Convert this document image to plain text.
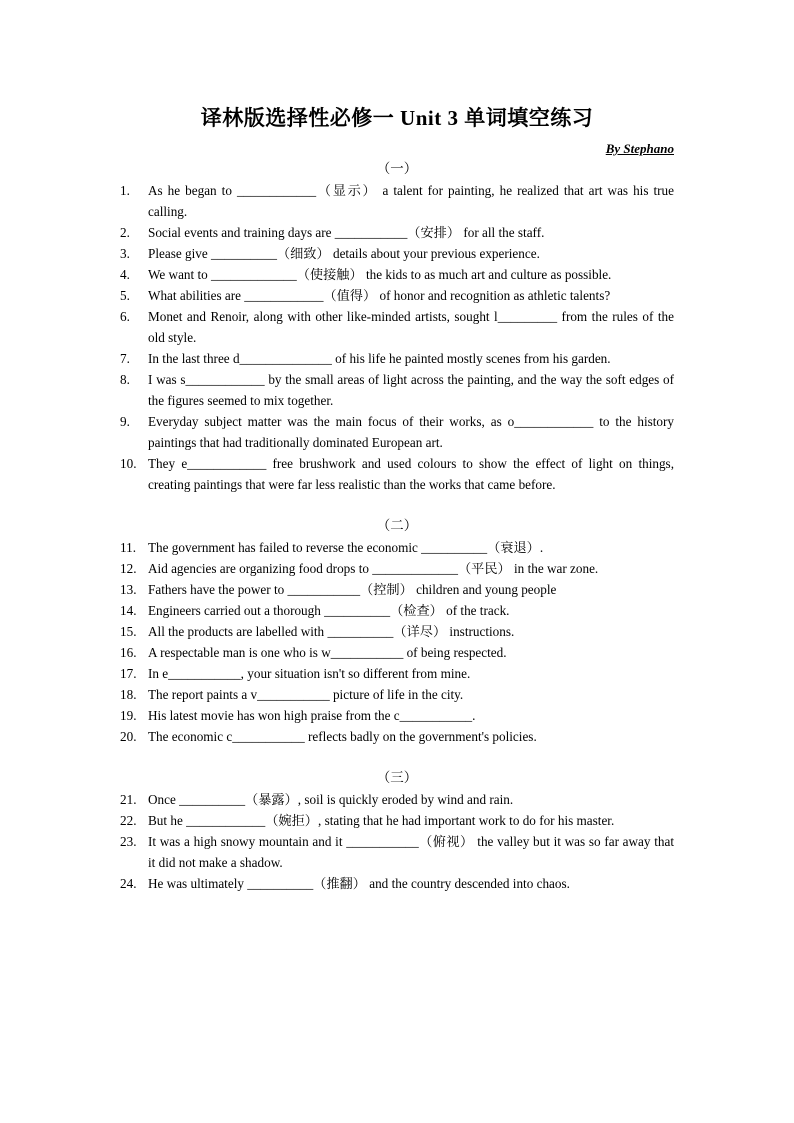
译林版选择性必修一 Unit 3 单词填空练习
By Stephano
（一）
1.	As he began to ____________（显示） a talent for painting, he realized that art was his true calling.
2.	Social events and training days are ___________（安排） for all the staff.
3.	Please give __________（细致） details about your previous experience.
4.	We want to _____________（使接触） the kids to as much art and culture as possible.
5.	What abilities are ____________（值得） of honor and recognition as athletic talents?
6.	Monet and Renoir, along with other like-minded artists, sought l_________ from the rules of the old style.
7.	In the last three d______________ of his life he painted mostly scenes from his garden.
8.	I was s____________ by the small areas of light across the painting, and the way the soft edges of the figures seemed to mix together.
9.	Everyday subject matter was the main focus of their works, as o____________ to the history paintings that had traditionally dominated European art.
10. They e____________ free brushwork and used colours to show the effect of light on things, creating paintings that were far less realistic than the works that came before.
（二）
11. The government has failed to reverse the economic __________（衰退）.
12. Aid agencies are organizing food drops to _____________（平民） in the war zone.
13. Fathers have the power to ___________（控制） children and young people
14. Engineers carried out a thorough __________（检查） of the track.
15. All the products are labelled with __________（详尽） instructions.
16. A respectable man is one who is w___________ of being respected.
17. In e___________, your situation isn't so different from mine.
18. The report paints a v___________ picture of life in the city.
19. His latest movie has won high praise from the c___________.
20. The economic c___________ reflects badly on the government's policies.
（三）
21. Once __________（暴露）, soil is quickly eroded by wind and rain.
22. But he ____________（婉拒）, stating that he had important work to do for his master.
23. It was a high snowy mountain and it ___________（俯视） the valley but it was so far away that it did not make a shadow.
24. He was ultimately __________（推翻） and the country descended into chaos.
